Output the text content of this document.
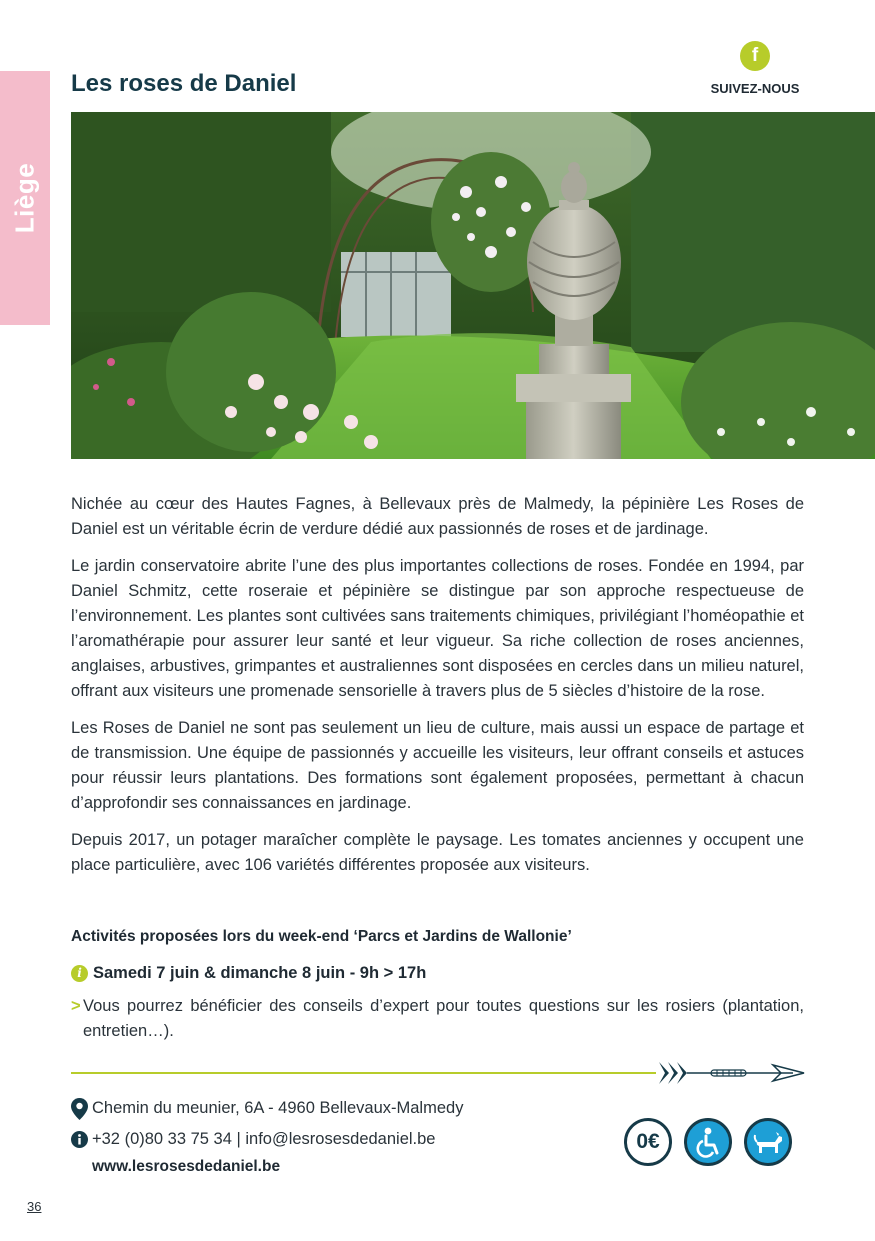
Liège
Les roses de Daniel
f
SUIVEZ-NOUS

Nichée au cœur des Hautes Fagnes, à Bellevaux près de Malmedy, la pépinière Les Roses de Daniel est un véritable écrin de verdure dédié aux passionnés de roses et de jardinage.

Le jardin conservatoire abrite l’une des plus importantes collections de roses. Fondée en 1994, par Daniel Schmitz, cette roseraie et pépinière se distingue par son approche respectueuse de l’environnement. Les plantes sont cultivées sans traitements chimiques, privilégiant l’homéopathie et l’aromathérapie pour assurer leur santé et leur vigueur. Sa riche collection de roses anciennes, anglaises, arbustives, grimpantes et australiennes sont disposées en cercles dans un milieu naturel, offrant aux visiteurs une promenade sensorielle à travers plus de 5 siècles d’histoire de la rose.

Les Roses de Daniel ne sont pas seulement un lieu de culture, mais aussi un espace de partage et de transmission. Une équipe de passionnés y accueille les visiteurs, leur offrant conseils et astuces pour réussir leurs plantations. Des formations sont également proposées, permettant à chacun d’approfondir ses connaissances en jardinage.

Depuis 2017, un potager maraîcher complète le paysage. Les tomates anciennes y occupent une place particulière, avec 106 variétés différentes proposée aux visiteurs.

Activités proposées lors du week-end ‘Parcs et Jardins de Wallonie’
i Samedi 7 juin & dimanche 8 juin - 9h > 17h
> Vous pourrez bénéficier des conseils d’expert pour toutes questions sur les rosiers (plantation, entretien…).
Chemin du meunier, 6A - 4960 Bellevaux-Malmedy
+32 (0)80 33 75 34 | info@lesrosesdedaniel.be
www.lesrosesdedaniel.be
0€
36
